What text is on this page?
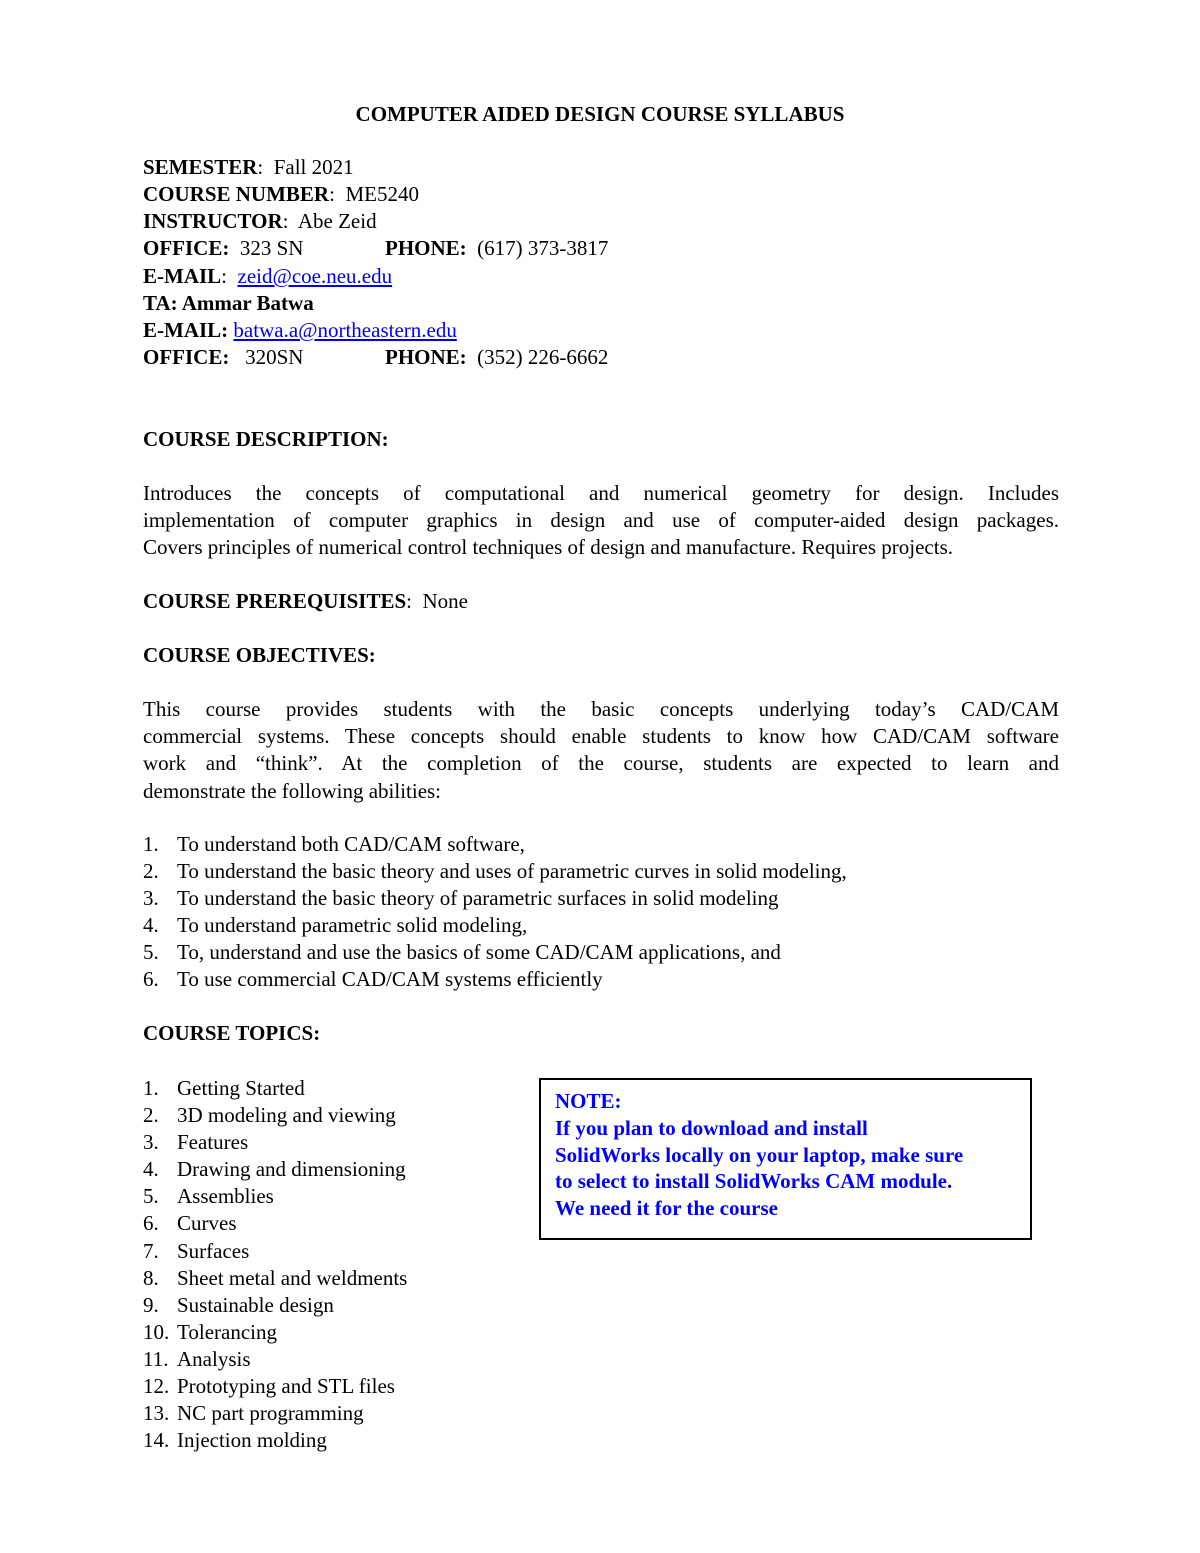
COMPUTER AIDED DESIGN COURSE SYLLABUS
SEMESTER:  Fall 2021
COURSE NUMBER:  ME5240
INSTRUCTOR:  Abe Zeid
OFFICE: 323 SN	PHONE: (617) 373-3817
E-MAIL:  zeid@coe.neu.edu
TA: Ammar Batwa
E-MAIL: batwa.a@northeastern.edu
OFFICE: 320SN	PHONE: (352) 226-6662
COURSE DESCRIPTION:
Introduces the concepts of computational and numerical geometry for design. Includes
implementation of computer graphics in design and use of computer-aided design packages.
Covers principles of numerical control techniques of design and manufacture. Requires projects.
COURSE PREREQUISITES:  None
COURSE OBJECTIVES:
This course provides students with the basic concepts underlying today’s CAD/CAM
commercial systems. These concepts should enable students to know how CAD/CAM software
work and “think”. At the completion of the course, students are expected to learn and
demonstrate the following abilities:
1. To understand both CAD/CAM software,
2. To understand the basic theory and uses of parametric curves in solid modeling,
3. To understand the basic theory of parametric surfaces in solid modeling
4. To understand parametric solid modeling,
5. To, understand and use the basics of some CAD/CAM applications, and
6. To use commercial CAD/CAM systems efficiently
COURSE TOPICS:
1. Getting Started
2. 3D modeling and viewing
3. Features
4. Drawing and dimensioning
5. Assemblies
6. Curves
7. Surfaces
8. Sheet metal and weldments
9. Sustainable design
10. Tolerancing
11. Analysis
12. Prototyping and STL files
13. NC part programming
14. Injection molding
NOTE:
If you plan to download and install
SolidWorks locally on your laptop, make sure
to select to install SolidWorks CAM module.
We need it for the course
